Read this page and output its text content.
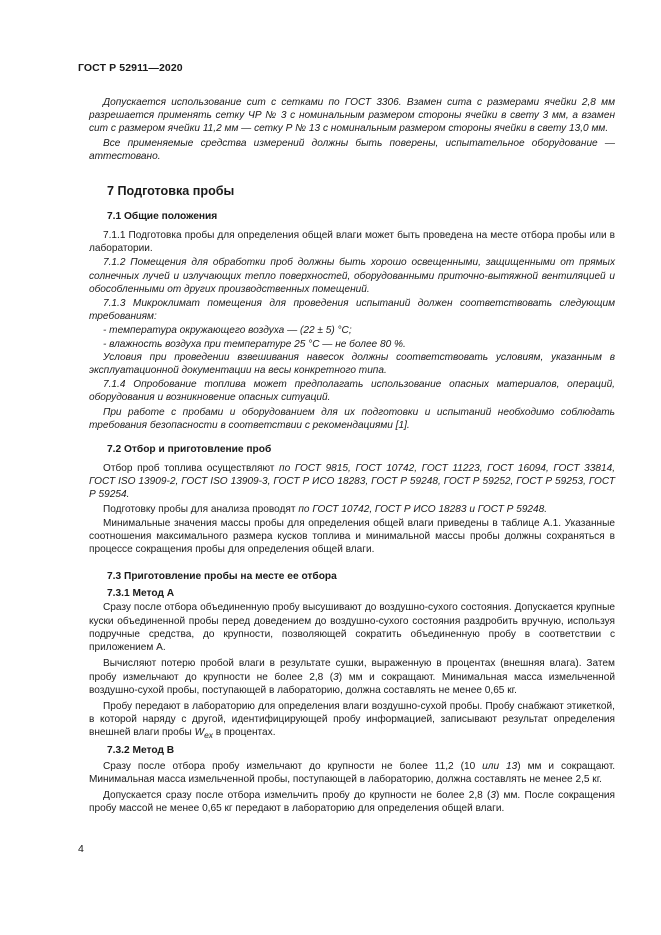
ГОСТ Р 52911—2020

Допускается использование сит с сетками по ГОСТ 3306. Взамен сита с размерами ячейки 2,8 мм разрешается применять сетку ЧР № 3 с номинальным размером стороны ячейки в свету 3 мм, а взамен сит с размером ячейки 11,2 мм — сетку Р № 13 с номинальным размером стороны ячейки в свету 13,0 мм.

Все применяемые средства измерений должны быть поверены, испытательное оборудование — аттестовано.

7 Подготовка пробы
7.1 Общие положения

7.1.1 Подготовка пробы для определения общей влаги может быть проведена на месте отбора пробы или в лаборатории.

7.1.2 Помещения для обработки проб должны быть хорошо освещенными, защищенными от прямых солнечных лучей и излучающих тепло поверхностей, оборудованными приточно-вытяжной вентиляцией и обособленными от других производственных помещений.

7.1.3 Микроклимат помещения для проведения испытаний должен соответствовать следующим требованиям:

- температура окружающего воздуха — (22 ± 5) °С;

- влажность воздуха при температуре 25 °С — не более 80 %.

Условия при проведении взвешивания навесок должны соответствовать условиям, указанным в эксплуатационной документации на весы конкретного типа.

7.1.4 Опробование топлива может предполагать использование опасных материалов, операций, оборудования и возникновение опасных ситуаций.

При работе с пробами и оборудованием для их подготовки и испытаний необходимо соблюдать требования безопасности в соответствии с рекомендациями [1].

7.2 Отбор и приготовление проб

Отбор проб топлива осуществляют по ГОСТ 9815, ГОСТ 10742, ГОСТ 11223, ГОСТ 16094, ГОСТ 33814, ГОСТ ISO 13909-2, ГОСТ ISO 13909-3, ГОСТ Р ИСО 18283, ГОСТ Р 59248, ГОСТ Р 59252, ГОСТ Р 59253, ГОСТ Р 59254.

Подготовку пробы для анализа проводят по ГОСТ 10742, ГОСТ Р ИСО 18283 и ГОСТ Р 59248.

Минимальные значения массы пробы для определения общей влаги приведены в таблице А.1. Указанные соотношения максимального размера кусков топлива и минимальной массы пробы должны сохраняться в процессе сокращения пробы для определения общей влаги.

7.3 Приготовление пробы на месте ее отбора
7.3.1 Метод А

Сразу после отбора объединенную пробу высушивают до воздушно-сухого состояния. Допускается крупные куски объединенной пробы перед доведением до воздушно-сухого состояния раздробить вручную, используя подручные средства, до крупности, позволяющей сократить объединенную пробу в соответствии с приложением А.

Вычисляют потерю пробой влаги в результате сушки, выраженную в процентах (внешняя влага). Затем пробу измельчают до крупности не более 2,8 (3) мм и сокращают. Минимальная масса измельченной воздушно-сухой пробы, поступающей в лабораторию, должна составлять не менее 0,65 кг.

Пробу передают в лабораторию для определения влаги воздушно-сухой пробы. Пробу снабжают этикеткой, в которой наряду с другой, идентифицирующей пробу информацией, записывают результат определения внешней влаги пробы $W_{ex}$ в процентах.

7.3.2 Метод В

Сразу после отбора пробу измельчают до крупности не более 11,2 (10 или 13) мм и сокращают. Минимальная масса измельченной пробы, поступающей в лабораторию, должна составлять не менее 2,5 кг.

Допускается сразу после отбора измельчить пробу до крупности не более 2,8 (3) мм. После сокращения пробу массой не менее 0,65 кг передают в лабораторию для определения общей влаги.

4
